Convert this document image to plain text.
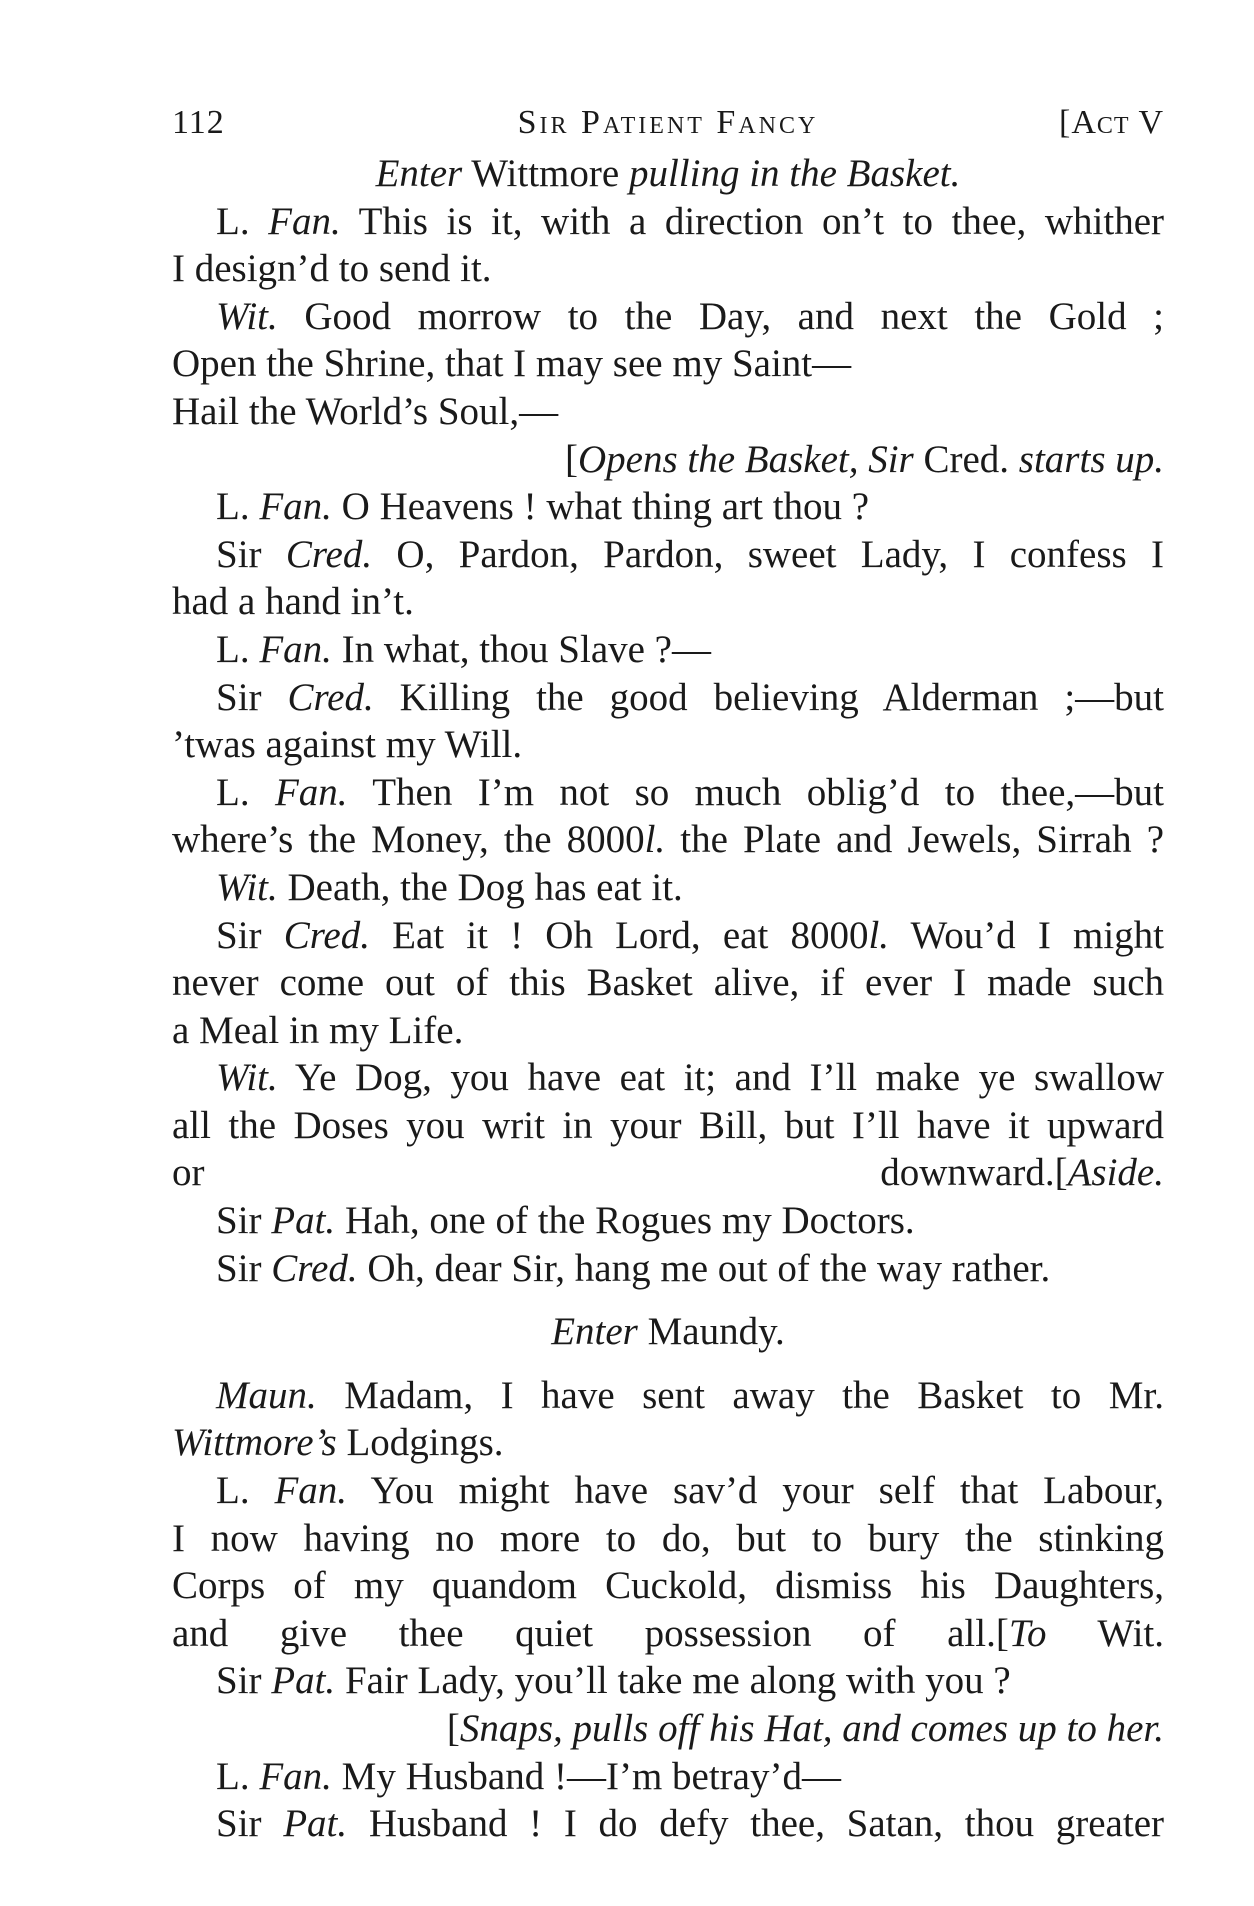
112	Sir Patient Fancy	[Act V
Enter Wittmore pulling in the Basket.
L. Fan. This is it, with a direction on’t to thee, whither
I design’d to send it.
Wit. Good morrow to the Day, and next the Gold ;
Open the Shrine, that I may see my Saint—
Hail the World’s Soul,—
[Opens the Basket, Sir Cred. starts up.
L. Fan. O Heavens ! what thing art thou ?
Sir Cred. O, Pardon, Pardon, sweet Lady, I confess I
had a hand in’t.
L. Fan. In what, thou Slave ?—
Sir Cred. Killing the good believing Alderman ;—but
’twas against my Will.
L. Fan. Then I’m not so much oblig’d to thee,—but
where’s the Money, the 8000l. the Plate and Jewels, Sirrah ?
Wit. Death, the Dog has eat it.
Sir Cred. Eat it ! Oh Lord, eat 8000l. Wou’d I might
never come out of this Basket alive, if ever I made such
a Meal in my Life.
Wit. Ye Dog, you have eat it; and I’ll make ye swallow
all the Doses you writ in your Bill, but I’ll have it upward
or downward.[Aside.
Sir Pat. Hah, one of the Rogues my Doctors.
Sir Cred. Oh, dear Sir, hang me out of the way rather.
Enter Maundy.
Maun. Madam, I have sent away the Basket to Mr.
Wittmore’s Lodgings.
L. Fan. You might have sav’d your self that Labour,
I now having no more to do, but to bury the stinking
Corps of my quandom Cuckold, dismiss his Daughters,
and give thee quiet possession of all.[To Wit.
Sir Pat. Fair Lady, you’ll take me along with you ?
[Snaps, pulls off his Hat, and comes up to her.
L. Fan. My Husband !—I’m betray’d—
Sir Pat. Husband ! I do defy thee, Satan, thou greater
